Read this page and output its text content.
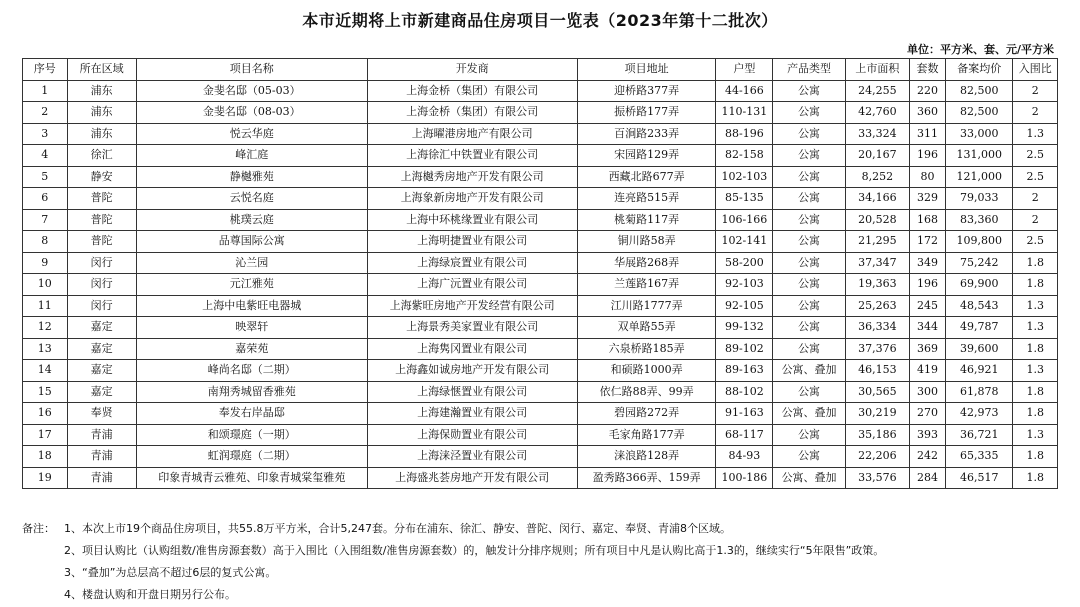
本市近期将上市新建商品住房项目一览表（2023年第十二批次）
单位：平方米、套、元/平方米
序号	所在区域	项目名称	开发商	项目地址	户型	产品类型	上市面积	套数	备案均价	入围比
1	浦东	金斐名邸（05-03）	上海金桥（集团）有限公司	迎桥路377弄	44-166	公寓	24,255	220	82,500	2
2	浦东	金斐名邸（08-03）	上海金桥（集团）有限公司	振桥路177弄	110-131	公寓	42,760	360	82,500	2
3	浦东	悦云华庭	上海曜港房地产有限公司	百涧路233弄	88-196	公寓	33,324	311	33,000	1.3
4	徐汇	峰汇庭	上海徐汇中铁置业有限公司	宋园路129弄	82-158	公寓	20,167	196	131,000	2.5
5	静安	静樾雅苑	上海樾秀房地产开发有限公司	西藏北路677弄	102-103	公寓	8,252	80	121,000	2.5
6	普陀	云悦名庭	上海象新房地产开发有限公司	连亮路515弄	85-135	公寓	34,166	329	79,033	2
7	普陀	桃璞云庭	上海中环桃缘置业有限公司	桃菊路117弄	106-166	公寓	20,528	168	83,360	2
8	普陀	品尊国际公寓	上海明捷置业有限公司	铜川路58弄	102-141	公寓	21,295	172	109,800	2.5
9	闵行	沁兰园	上海绿宸置业有限公司	华展路268弄	58-200	公寓	37,347	349	75,242	1.8
10	闵行	元江雅苑	上海广沅置业有限公司	兰莲路167弄	92-103	公寓	19,363	196	69,900	1.8
11	闵行	上海中电紫旺电器城	上海紫旺房地产开发经营有限公司	江川路1777弄	92-105	公寓	25,263	245	48,543	1.3
12	嘉定	映翠轩	上海景秀美家置业有限公司	双单路55弄	99-132	公寓	36,334	344	49,787	1.3
13	嘉定	嘉荣苑	上海隽冈置业有限公司	六泉桥路185弄	89-102	公寓	37,376	369	39,600	1.8
14	嘉定	峰尚名邸（二期）	上海鑫如诚房地产开发有限公司	和硕路1000弄	89-163	公寓、叠加	46,153	419	46,921	1.3
15	嘉定	南翔秀城留香雅苑	上海绿惬置业有限公司	依仁路88弄、99弄	88-102	公寓	30,565	300	61,878	1.8
16	奉贤	奉发右岸晶邸	上海建瀚置业有限公司	碧园路272弄	91-163	公寓、叠加	30,219	270	42,973	1.8
17	青浦	和颂璟庭（一期）	上海保勋置业有限公司	毛家角路177弄	68-117	公寓	35,186	393	36,721	1.3
18	青浦	虹润璟庭（二期）	上海涞泾置业有限公司	涞浪路128弄	84-93	公寓	22,206	242	65,335	1.8
19	青浦	印象青城青云雅苑、印象青城棠玺雅苑	上海盛兆荟房地产开发有限公司	盈秀路366弄、159弄	100-186	公寓、叠加	33,576	284	46,517	1.8
备注： 1、本次上市19个商品住房项目，共55.8万平方米，合计5,247套。分布在浦东、徐汇、静安、普陀、闵行、嘉定、奉贤、青浦8个区域。
2、项目认购比（认购组数/准售房源套数）高于入围比（入围组数/准售房源套数）的，触发计分排序规则；所有项目中凡是认购比高于1.3的，继续实行“5年限售”政策。
3、“叠加”为总层高不超过6层的复式公寓。
4、楼盘认购和开盘日期另行公布。
